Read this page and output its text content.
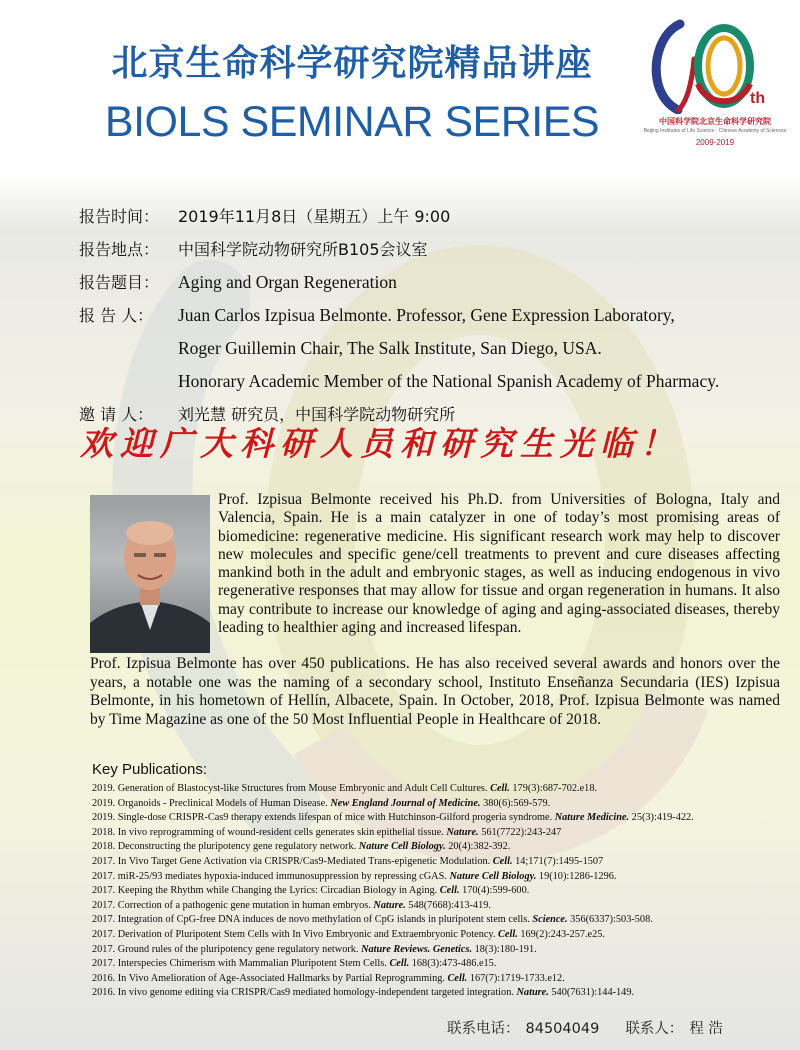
北京生命科学研究院精品讲座
BIOLS SEMINAR SERIES	th
中国科学院北京生命科学研究院
Beijing Institutes of Life Science · Chinese Academy of Sciences
2009-2019
报告时间：	2019年11月8日（星期五）上午 9:00
报告地点：	中国科学院动物研究所B105会议室
报告题目：	Aging and Organ Regeneration
报 告 人：	Juan Carlos Izpisua Belmonte. Professor, Gene Expression Laboratory,
Roger Guillemin Chair, The Salk Institute, San Diego, USA.
Honorary Academic Member of the National Spanish Academy of Pharmacy.
邀 请 人：	刘光慧 研究员，中国科学院动物研究所
欢迎广大科研人员和研究生光临！
Prof. Izpisua Belmonte received his Ph.D. from Universities of Bologna, Italy and Valencia, Spain. He is a main catalyzer in one of today’s most promising areas of biomedicine: regenerative medicine. His significant research work may help to discover new molecules and specific gene/cell treatments to prevent and cure diseases affecting mankind both in the adult and embryonic stages, as well as inducing endogenous in vivo regenerative responses that may allow for tissue and organ regeneration in humans. It also may contribute to increase our knowledge of aging and aging-associated diseases, thereby leading to healthier aging and increased lifespan.
Prof. Izpisua Belmonte has over 450 publications. He has also received several awards and honors over the years, a notable one was the naming of a secondary school, Instituto Enseñanza Secundaria (IES) Izpisua Belmonte, in his hometown of Hellín, Albacete, Spain. In October, 2018, Prof. Izpisua Belmonte was named by Time Magazine as one of the 50 Most Influential People in Healthcare of 2018.
Key Publications:
2019. Generation of Blastocyst-like Structures from Mouse Embryonic and Adult Cell Cultures. Cell. 179(3):687-702.e18.
2019. Organoids - Preclinical Models of Human Disease. New England Journal of Medicine. 380(6):569-579.
2019. Single-dose CRISPR-Cas9 therapy extends lifespan of mice with Hutchinson-Gilford progeria syndrome. Nature Medicine. 25(3):419-422.
2018. In vivo reprogramming of wound-resident cells generates skin epithelial tissue. Nature. 561(7722):243-247
2018. Deconstructing the pluripotency gene regulatory network. Nature Cell Biology. 20(4):382-392.
2017. In Vivo Target Gene Activation via CRISPR/Cas9-Mediated Trans-epigenetic Modulation. Cell. 14;171(7):1495-1507
2017. miR-25/93 mediates hypoxia-induced immunosuppression by repressing cGAS. Nature Cell Biology. 19(10):1286-1296.
2017. Keeping the Rhythm while Changing the Lyrics: Circadian Biology in Aging. Cell. 170(4):599-600.
2017. Correction of a pathogenic gene mutation in human embryos. Nature. 548(7668):413-419.
2017. Integration of CpG-free DNA induces de novo methylation of CpG islands in pluripotent stem cells. Science. 356(6337):503-508.
2017. Derivation of Pluripotent Stem Cells with In Vivo Embryonic and Extraembryonic Potency. Cell. 169(2):243-257.e25.
2017. Ground rules of the pluripotency gene regulatory network. Nature Reviews. Genetics. 18(3):180-191.
2017. Interspecies Chimerism with Mammalian Pluripotent Stem Cells. Cell. 168(3):473-486.e15.
2016. In Vivo Amelioration of Age-Associated Hallmarks by Partial Reprogramming. Cell. 167(7):1719-1733.e12.
2016. In vivo genome editing via CRISPR/Cas9 mediated homology-independent targeted integration. Nature. 540(7631):144-149.
联系电话： 84504049 联系人： 程 浩
